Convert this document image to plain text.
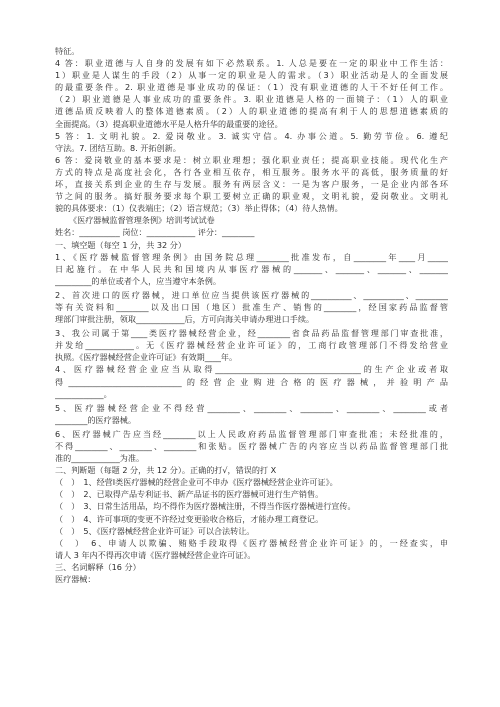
特征。
4 答：职业道德与人自身的发展有如下必然联系。1. 人总是要在一定的职业中工作生活：
1）职业是人谋生的手段（2）从事一定的职业是人的需求。（3）职业活动是人的全面发展
的最重要条件。2. 职业道德是事业成功的保证：（1）没有职业道德的人干不好任何工作。
（2）职业道德是人事业成功的重要条件。3. 职业道德是人格的一面镜子：（1）人的职业
道德品质反映着人的整体道德素质。（2）人的职业道德的提高有利于人的思想道德素质的
全面提高。（3）提高职业道德水平是人格升华的最重要的途径。
5 答：1. 文明礼貌。2. 爱岗敬业。3. 诚实守信。4. 办事公道。5. 勤劳节俭。6. 遵纪
守法。7. 团结互助。8. 开拓创新。
6 答：爱岗敬业的基本要求是：树立职业理想；强化职业责任；提高职业技能。现代化生产
方式的特点是高度社会化，各行各业相互依存，相互服务。服务水平的高低，服务质量的好
坏，直接关系到企业的生存与发展。服务有两层含义：一是为客户服务，一是企业内部各环
节之间的服务。搞好服务要求每个职工要树立正确的职业观，文明礼貌，爱岗敬业。文明礼
貌的具体要求：（1）仪表端庄；（2）语言规范；（3）举止得体；（4）待人热情。
《医疗器械监督管理条例》培训考试试卷
姓名：__________ 岗位：____________ 评分：________
一、填空题（每空 1 分，共 32 分）
1、《医疗器械监督管理条例》由国务院总理________批准发布，自________年____月_____
日起施行。在中华人民共和国境内从事医疗器械的_______、_______、_______、_______
_________的单位或者个人，应当遵守本条例。
2、首次进口的医疗器械，进口单位应当提供该医疗器械的__________、__________、________
等有关资料和________以及出口国（地区）批准生产、销售的________，经国家药品监督管
理部门审批注册，领取____________后，方可向海关申请办理进口手续。
3、我公司属于第____类医疗器械经营企业，经________省食品药品监督管理部门审查批准，
并发给____________。无《医疗器械经营企业许可证》的，工商行政管理部门不得发给营业
执照。《医疗器械经营企业许可证》有效期____年。
4、医疗器械经营企业应当从取得____________________________________的生产企业或者取
得____________________________的经营企业购进合格的医疗器械，并验明产品
____________。
5、医疗器械经营企业不得经营________、________、________、________、________或者
________的医疗器械。
6、医疗器械广告应当经________以上人民政府药品监督管理部门审查批准；未经批准的，
不得________、________、________和张贴。医疗器械广告的内容应当以药品监督管理部门批
准的____________为准。
二、判断题（每题 2 分，共 12 分）。正确的打√，错误的打 X
（　）　1、经营Ⅰ类医疗器械的经营企业可不申办《医疗器械经营企业许可证》。
（　）　2、已取得产品专利证书、新产品证书的医疗器械可进行生产销售。
（　）　3、日常生活用品，均不得作为医疗器械注册，不得当作医疗器械进行宣传。
（　）　4、许可事项的变更不许经过变更验收合格后，才能办理工商登记。
（　）　5、《医疗器械经营企业许可证》可以合法转让。
（　）　6、申请人以欺骗、贿赂手段取得《医疗器械经营企业许可证》的，一经查实，申
请人 3 年内不得再次申请《医疗器械经营企业许可证》。
三、名词解释（16 分）
医疗器械：
